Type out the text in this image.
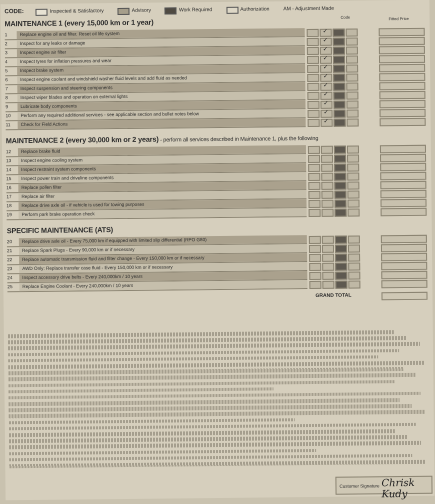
CODE:	Inspected & Satisfactory	Advisory	Work Required	Authorization	AM - Adjustment Made
MAINTENANCE 1 (every 15,000 km or 1 year)	Fitted Price
Code
1	Replace engine oil and filter. Reset oil life system
✓
2	Inspect for any leaks or damage
✓
3	Inspect engine air filter
✓
4	Inspect tyres for inflation pressures and wear
✓
5	Inspect brake system
✓
6	Inspect engine coolant and windshield washer fluid levels and add fluid as needed
✓
7	Inspect suspension and steering components
✓
8	Inspect wiper blades and operation on external lights
✓
9	Lubricate body components
✓
10	Perform any required additional services - see applicable section and bullet notes below
✓
11	Check for Field Actions
✓
MAINTENANCE 2 (every 30,000 km or 2 years) - perform all services described in Maintenance 1, plus the following
12	Replace brake fluid
13	Inspect engine cooling system
14	Inspect restraint system components
15	Inspect power train and driveline components
16	Replace pollen filter
17	Replace air filter
18	Replace drive axle oil - if vehicle is used for towing purposes
19	Perform park brake operation check
SPECIFIC MAINTENANCE (ATS)
20	Replace drive axle oil - Every 75,000 km if equipped with limited slip differential (RPO G80)
21	Replace Spark Plugs - Every 90,000 km or if necessary
22	Replace automatic transmission fluid and filter change - Every 150,000 km or if necessary
23	AWD Only: Replace transfer case fluid - Every 150,000 km or if necessary
24	Inspect accessory drive belts - Every 240,000km / 10 years
25	Replace Engine Coolant - Every 240,000km / 10 years
GRAND TOTAL
Customer Signature Chrisk Kudy
